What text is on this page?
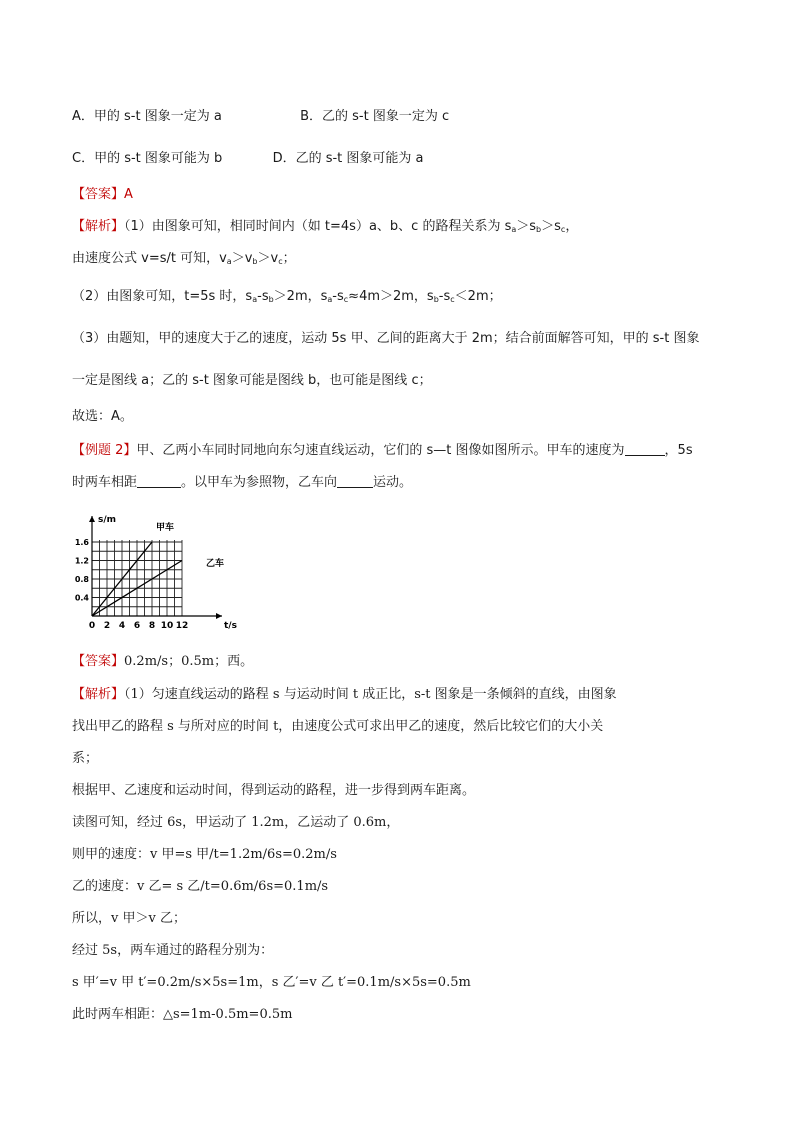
A．甲的 s-t 图象一定为 a	B．乙的 s-t 图象一定为 c
C．甲的 s-t 图象可能为 b	D．乙的 s-t 图象可能为 a
【答案】A
【解析】（1）由图象可知，相同时间内（如 t=4s）a、b、c 的路程关系为 $s_a>s_b>s_c$，
由速度公式 v=s/t 可知，$v_a>v_b>v_c$；
（2）由图象可知，t=5s 时，$s_a-s_b>2m$，$s_a-s_c\approx 4m>2m$，$s_b-s_c<2m$；
（3）由题知，甲的速度大于乙的速度，运动 5s 甲、乙间的距离大于 2m；结合前面解答可知，甲的 s-t 图象
一定是图线 a；乙的 s-t 图象可能是图线 b，也可能是图线 c；
故选：A。
【例题 2】甲、乙两小车同时同地向东匀速直线运动，它们的 s—t 图像如图所示。甲车的速度为	，5s
时两车相距	。以甲车为参照物，乙车向	运动。
s/m
t/s
0 2 4 6 8 10 12
0.4
0.8
1.2
1.6
甲车
乙车
【答案】0.2m/s；0.5m；西。
【解析】（1）匀速直线运动的路程 s 与运动时间 t 成正比，s-t 图象是一条倾斜的直线，由图象
找出甲乙的路程 s 与所对应的时间 t，由速度公式可求出甲乙的速度，然后比较它们的大小关
系；
根据甲、乙速度和运动时间，得到运动的路程，进一步得到两车距离。
读图可知，经过 6s，甲运动了 1.2m，乙运动了 0.6m，
则甲的速度：v 甲=s 甲/t=1.2m/6s=0.2m/s
乙的速度：v 乙= s 乙/t=0.6m/6s=0.1m/s
所以，v 甲＞v 乙；
经过 5s，两车通过的路程分别为：
s 甲′=v 甲 t′=0.2m/s×5s=1m，s 乙′=v 乙 t′=0.1m/s×5s=0.5m
此时两车相距：△s=1m-0.5m=0.5m
